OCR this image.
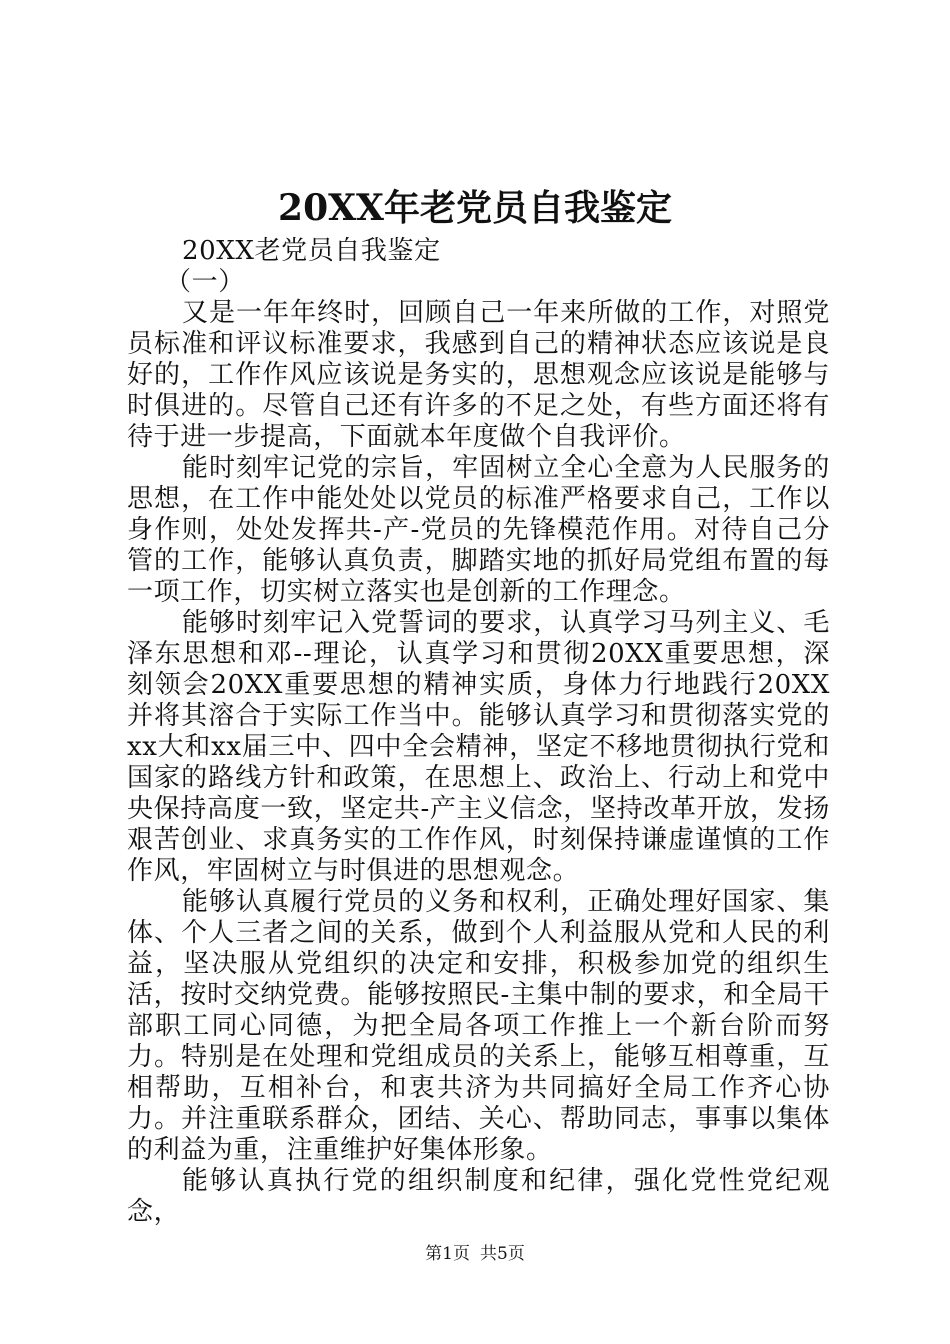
20XX年老党员自我鉴定

20XX老党员自我鉴定

（一）

又是一年年终时，回顾自己一年来所做的工作，对照党员标准和评议标准要求，我感到自己的精神状态应该说是良好的，工作作风应该说是务实的，思想观念应该说是能够与时俱进的。尽管自己还有许多的不足之处，有些方面还将有待于进一步提高，下面就本年度做个自我评价。

能时刻牢记党的宗旨，牢固树立全心全意为人民服务的思想，在工作中能处处以党员的标准严格要求自己，工作以身作则，处处发挥共-产-党员的先锋模范作用。对待自己分管的工作，能够认真负责，脚踏实地的抓好局党组布置的每一项工作，切实树立落实也是创新的工作理念。

能够时刻牢记入党誓词的要求，认真学习马列主义、毛泽东思想和邓--理论，认真学习和贯彻20XX重要思想，深刻领会20XX重要思想的精神实质，身体力行地践行20XX并将其溶合于实际工作当中。能够认真学习和贯彻落实党的xx大和xx届三中、四中全会精神，坚定不移地贯彻执行党和国家的路线方针和政策，在思想上、政治上、行动上和党中央保持高度一致，坚定共-产主义信念，坚持改革开放，发扬艰苦创业、求真务实的工作作风，时刻保持谦虚谨慎的工作作风，牢固树立与时俱进的思想观念。

能够认真履行党员的义务和权利，正确处理好国家、集体、个人三者之间的关系，做到个人利益服从党和人民的利益，坚决服从党组织的决定和安排，积极参加党的组织生活，按时交纳党费。能够按照民-主集中制的要求，和全局干部职工同心同德，为把全局各项工作推上一个新台阶而努力。特别是在处理和党组成员的关系上，能够互相尊重，互相帮助，互相补台，和衷共济为共同搞好全局工作齐心协力。并注重联系群众，团结、关心、帮助同志，事事以集体的利益为重，注重维护好集体形象。

能够认真执行党的组织制度和纪律，强化党性党纪观念，

第1页 共5页
